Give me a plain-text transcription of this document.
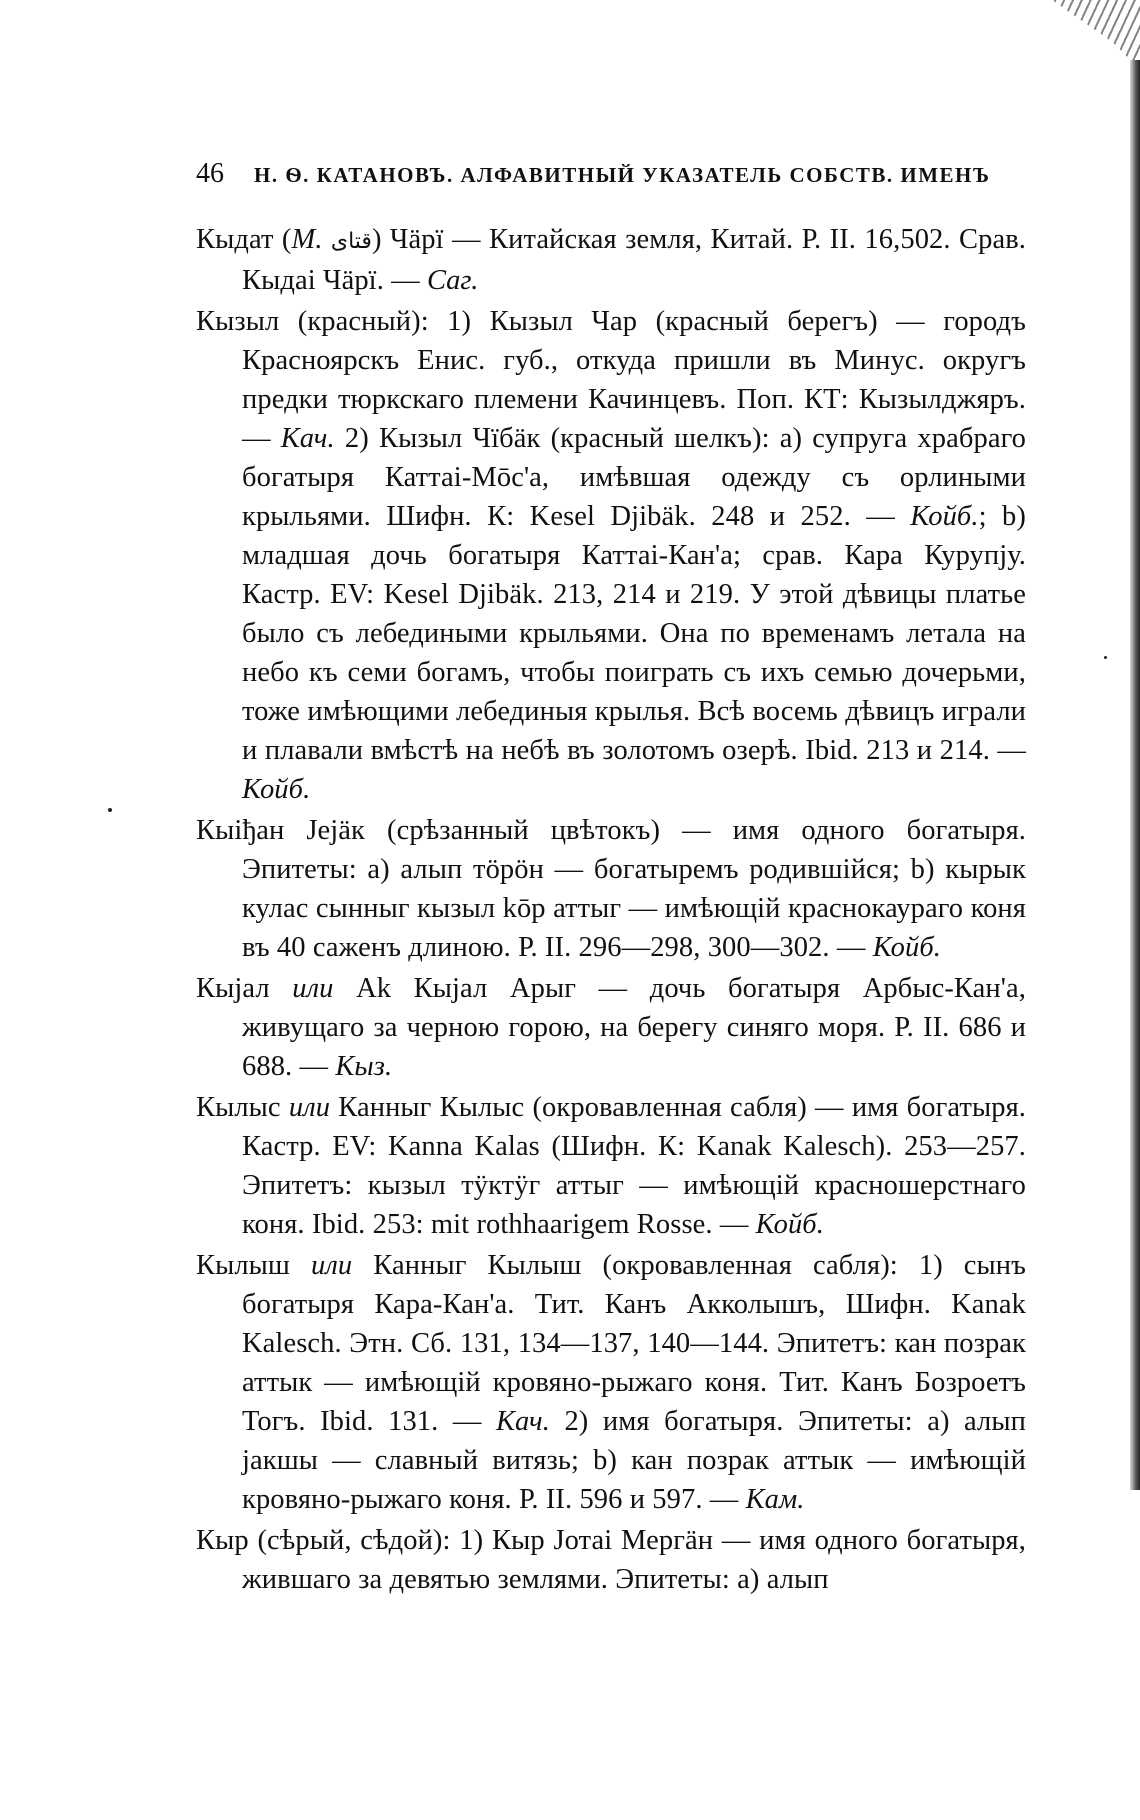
46 Н. Ѳ. КАТАНОВЪ. АЛФАВИТНЫЙ УКАЗАТЕЛЬ СОБСТВ. ИМЕНЪ

Кыдат (М. قتاى) Чäрï — Китайская земля, Китай. Р. II. 16,502. Срав. Кыдаі Чäрï. — Сaг.

Кызыл (красный): 1) Кызыл Чар (красный берегъ) — городъ Красноярскъ Енис. губ., откуда пришли въ Минус. округъ предки тюркскаго племени Качинцевъ. Поп. КТ: Кызылджяръ. — Кач. 2) Кызыл Чïбäк (красный шелкъ): а) супруга храбраго богатыря Каттаі-Мōс'а, имѣвшая одежду съ орлиными крыльями. Шифн. К: Kesel Djibäk. 248 и 252. — Койб.; b) младшая дочь богатыря Каттаі-Кан'а; срав. Кара Курупју. Кастр. EV: Kesel Djibäk. 213, 214 и 219. У этой дѣвицы платье было съ лебедиными крыльями. Она по временамъ летала на небо къ семи богамъ, чтобы поиграть съ ихъ семью дочерьми, тоже имѣющими лебединыя крылья. Всѣ восемь дѣвицъ играли и плавали вмѣстѣ на небѣ въ золотомъ озерѣ. Ibid. 213 и 214. — Койб.

Кыіђан Јејäк (срѣзанный цвѣтокъ) — имя одного богатыря. Эпитеты: а) алып тöрöн — богатыремъ родившійся; b) кырык кулас сынныг кызыл kōр аттыг — имѣющій краснокаураго коня въ 40 саженъ длиною. Р. II. 296—298, 300—302. — Койб.

Кыјал или Ak Кыјал Арыг — дочь богатыря Арбыс-Кан'а, живущаго за черною горою, на берегу синяго моря. Р. II. 686 и 688. — Кыз.

Кылыс или Канныг Кылыс (окровавленная сабля) — имя богатыря. Кастр. EV: Kanna Kalas (Шифн. К: Kanak Kalesch). 253—257. Эпитетъ: кызыл тÿктÿг аттыг — имѣющій красношерстнаго коня. Ibid. 253: mit rothhaarigem Rosse. — Койб.

Кылыш или Канныг Кылыш (окровавленная сабля): 1) сынъ богатыря Кара-Кан'а. Тит. Канъ Акколышъ, Шифн. Kanak Kalesch. Этн. Сб. 131, 134—137, 140—144. Эпитетъ: кан позрак аттык — имѣющій кровяно-рыжаго коня. Тит. Канъ Бозроетъ Тогъ. Ibid. 131. — Кач. 2) имя богатыря. Эпитеты: а) алып јакшы — славный витязь; b) кан позрак аттык — имѣющій кровяно-рыжаго коня. Р. II. 596 и 597. — Кам.

Кыр (сѣрый, сѣдой): 1) Кыр Јотаі Мергäн — имя одного богатыря, жившаго за девятью землями. Эпитеты: а) алып
